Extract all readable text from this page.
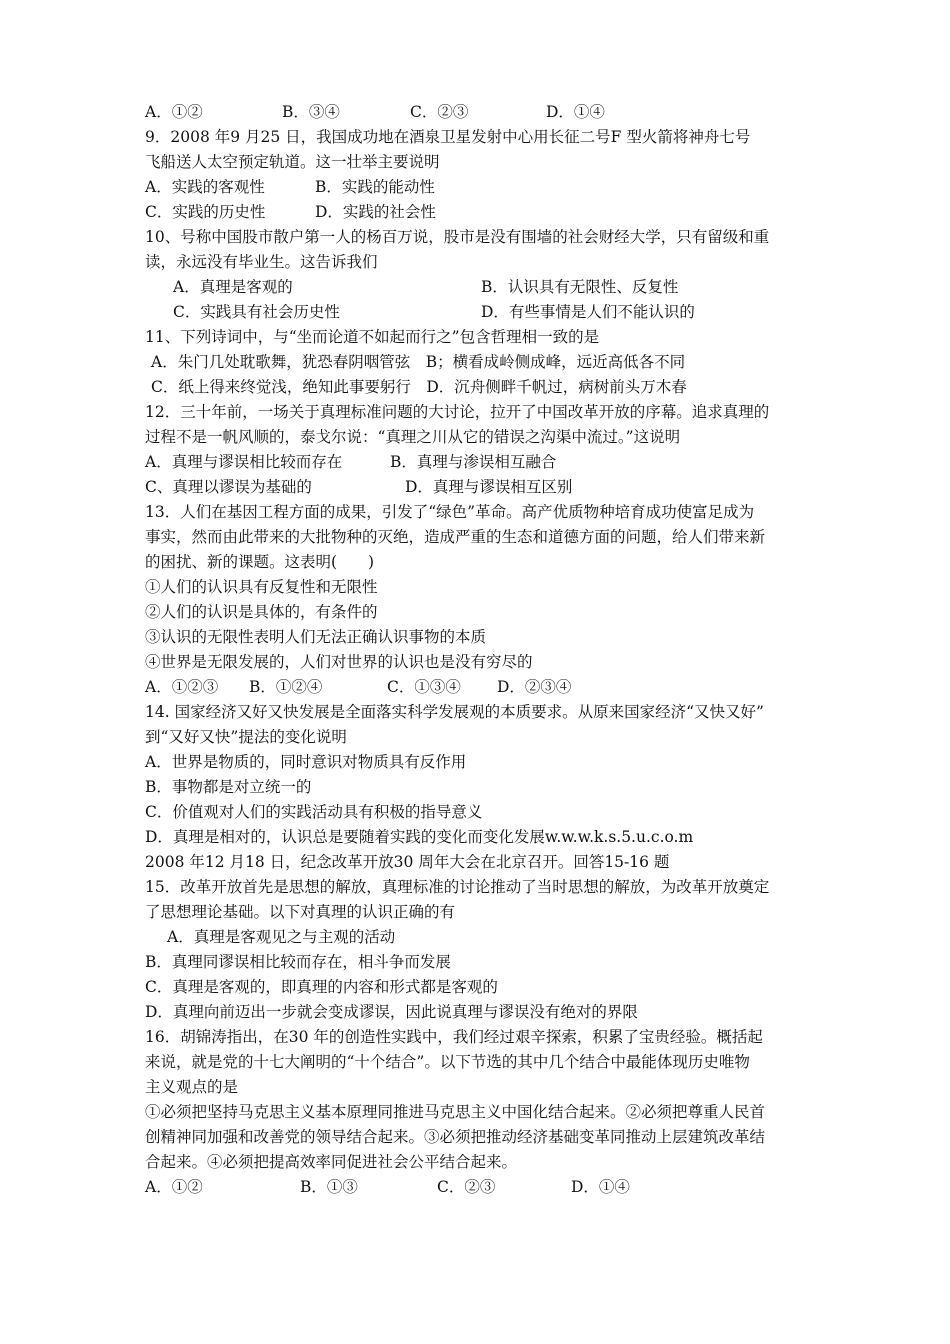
A．①②	B．③④	C．②③	D．①④
9．2008 年9 月25 日，我国成功地在酒泉卫星发射中心用长征二号F 型火箭将神舟七号
飞船送人太空预定轨道。这一壮举主要说明
A．实践的客观性	B．实践的能动性
C．实践的历史性	D．实践的社会性
10、号称中国股市散户第一人的杨百万说，股市是没有围墙的社会财经大学，只有留级和重
读，永远没有毕业生。这告诉我们
A．真理是客观的	B．认识具有无限性、反复性
C．实践具有社会历史性	D．有些事情是人们不能认识的
11、下列诗词中，与“坐而论道不如起而行之”包含哲理相一致的是
A．朱门几处耽歌舞，犹恐春阴咽管弦　B；横看成岭侧成峰，远近高低各不同
C．纸上得来终觉浅，绝知此事要躬行　D．沉舟侧畔千帆过，病树前头万木春
12．三十年前，一场关于真理标准问题的大讨论，拉开了中国改革开放的序幕。追求真理的
过程不是一帆风顺的，泰戈尔说：“真理之川从它的错误之沟渠中流过。”这说明
A．真理与谬误相比较而存在	B．真理与渗误相互融合
C、真理以谬误为基础的	D．真理与谬误相互区别
13．人们在基因工程方面的成果，引发了“绿色”革命。高产优质物种培育成功使富足成为
事实，然而由此带来的大批物种的灭绝，造成严重的生态和道德方面的问题，给人们带来新
的困扰、新的课题。这表明(　　)
①人们的认识具有反复性和无限性
②人们的认识是具体的，有条件的
③认识的无限性表明人们无法正确认识事物的本质
④世界是无限发展的，人们对世界的认识也是没有穷尽的
A．①②③ B．①②④	C．①③④ D．②③④
14. 国家经济又好又快发展是全面落实科学发展观的本质要求。从原来国家经济“又快又好”
到“又好又快”提法的变化说明
A．世界是物质的，同时意识对物质具有反作用
B．事物都是对立统一的
C．价值观对人们的实践活动具有积极的指导意义
D．真理是相对的，认识总是要随着实践的变化而变化发展w.w.w.k.s.5.u.c.o.m
2008 年12 月18 日，纪念改革开放30 周年大会在北京召开。回答15-16 题
15．改革开放首先是思想的解放，真理标准的讨论推动了当时思想的解放，为改革开放奠定
了思想理论基础。以下对真理的认识正确的有
A．真理是客观见之与主观的活动
B．真理同谬误相比较而存在，相斗争而发展
C．真理是客观的，即真理的内容和形式都是客观的
D．真理向前迈出一步就会变成谬误，因此说真理与谬误没有绝对的界限
16．胡锦涛指出，在30 年的创造性实践中，我们经过艰辛探索，积累了宝贵经验。概括起
来说，就是党的十七大阐明的“十个结合”。以下节选的其中几个结合中最能体现历史唯物
主义观点的是
①必须把坚持马克思主义基本原理同推进马克思主义中国化结合起来。②必须把尊重人民首
创精神同加强和改善党的领导结合起来。③必须把推动经济基础变革同推动上层建筑改革结
合起来。④必须把提高效率同促进社会公平结合起来。
A．①②	B．①③	C．②③	D．①④
